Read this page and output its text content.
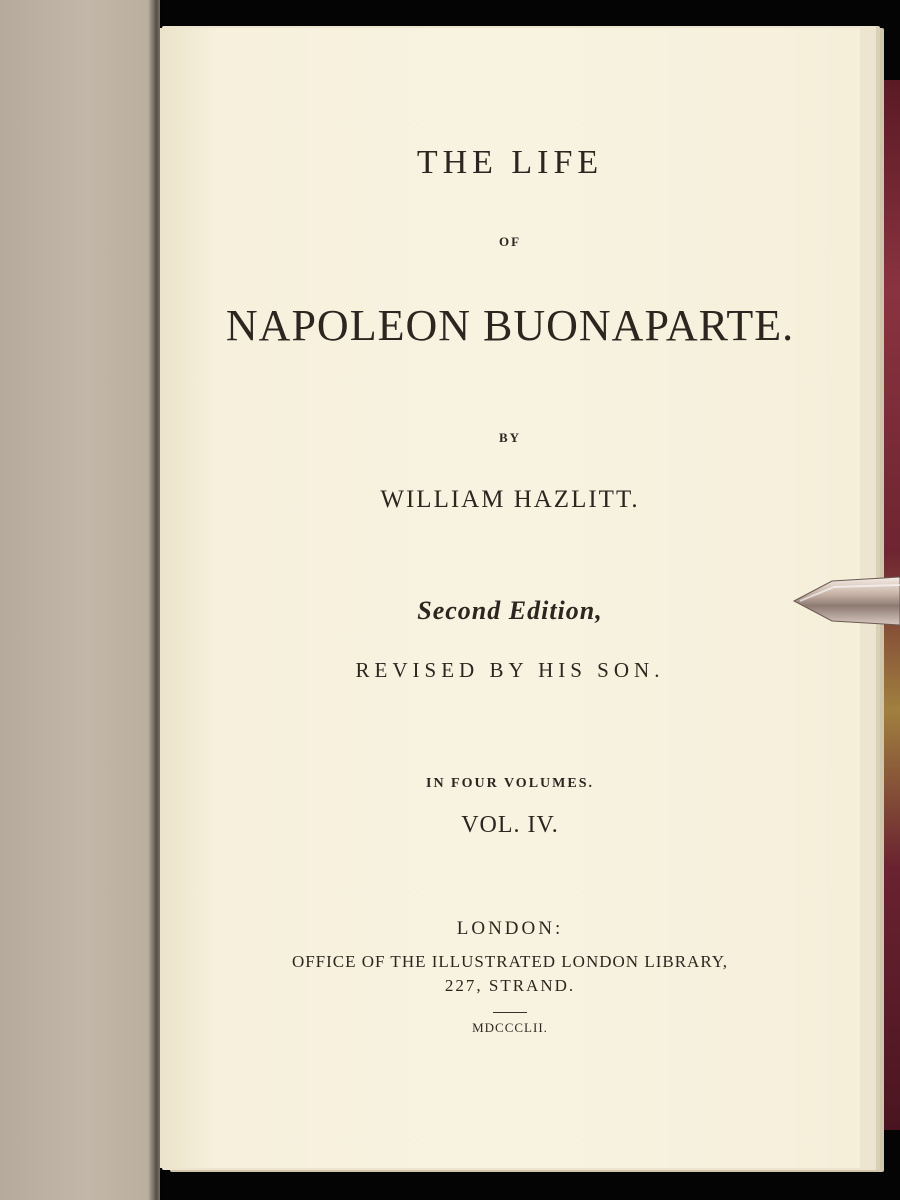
THE LIFE
OF
NAPOLEON BUONAPARTE.
BY
WILLIAM HAZLITT.
Second Edition,
REVISED BY HIS SON.
IN FOUR VOLUMES.
VOL. IV.
LONDON:
OFFICE OF THE ILLUSTRATED LONDON LIBRARY,
227, STRAND.
MDCCCLII.
